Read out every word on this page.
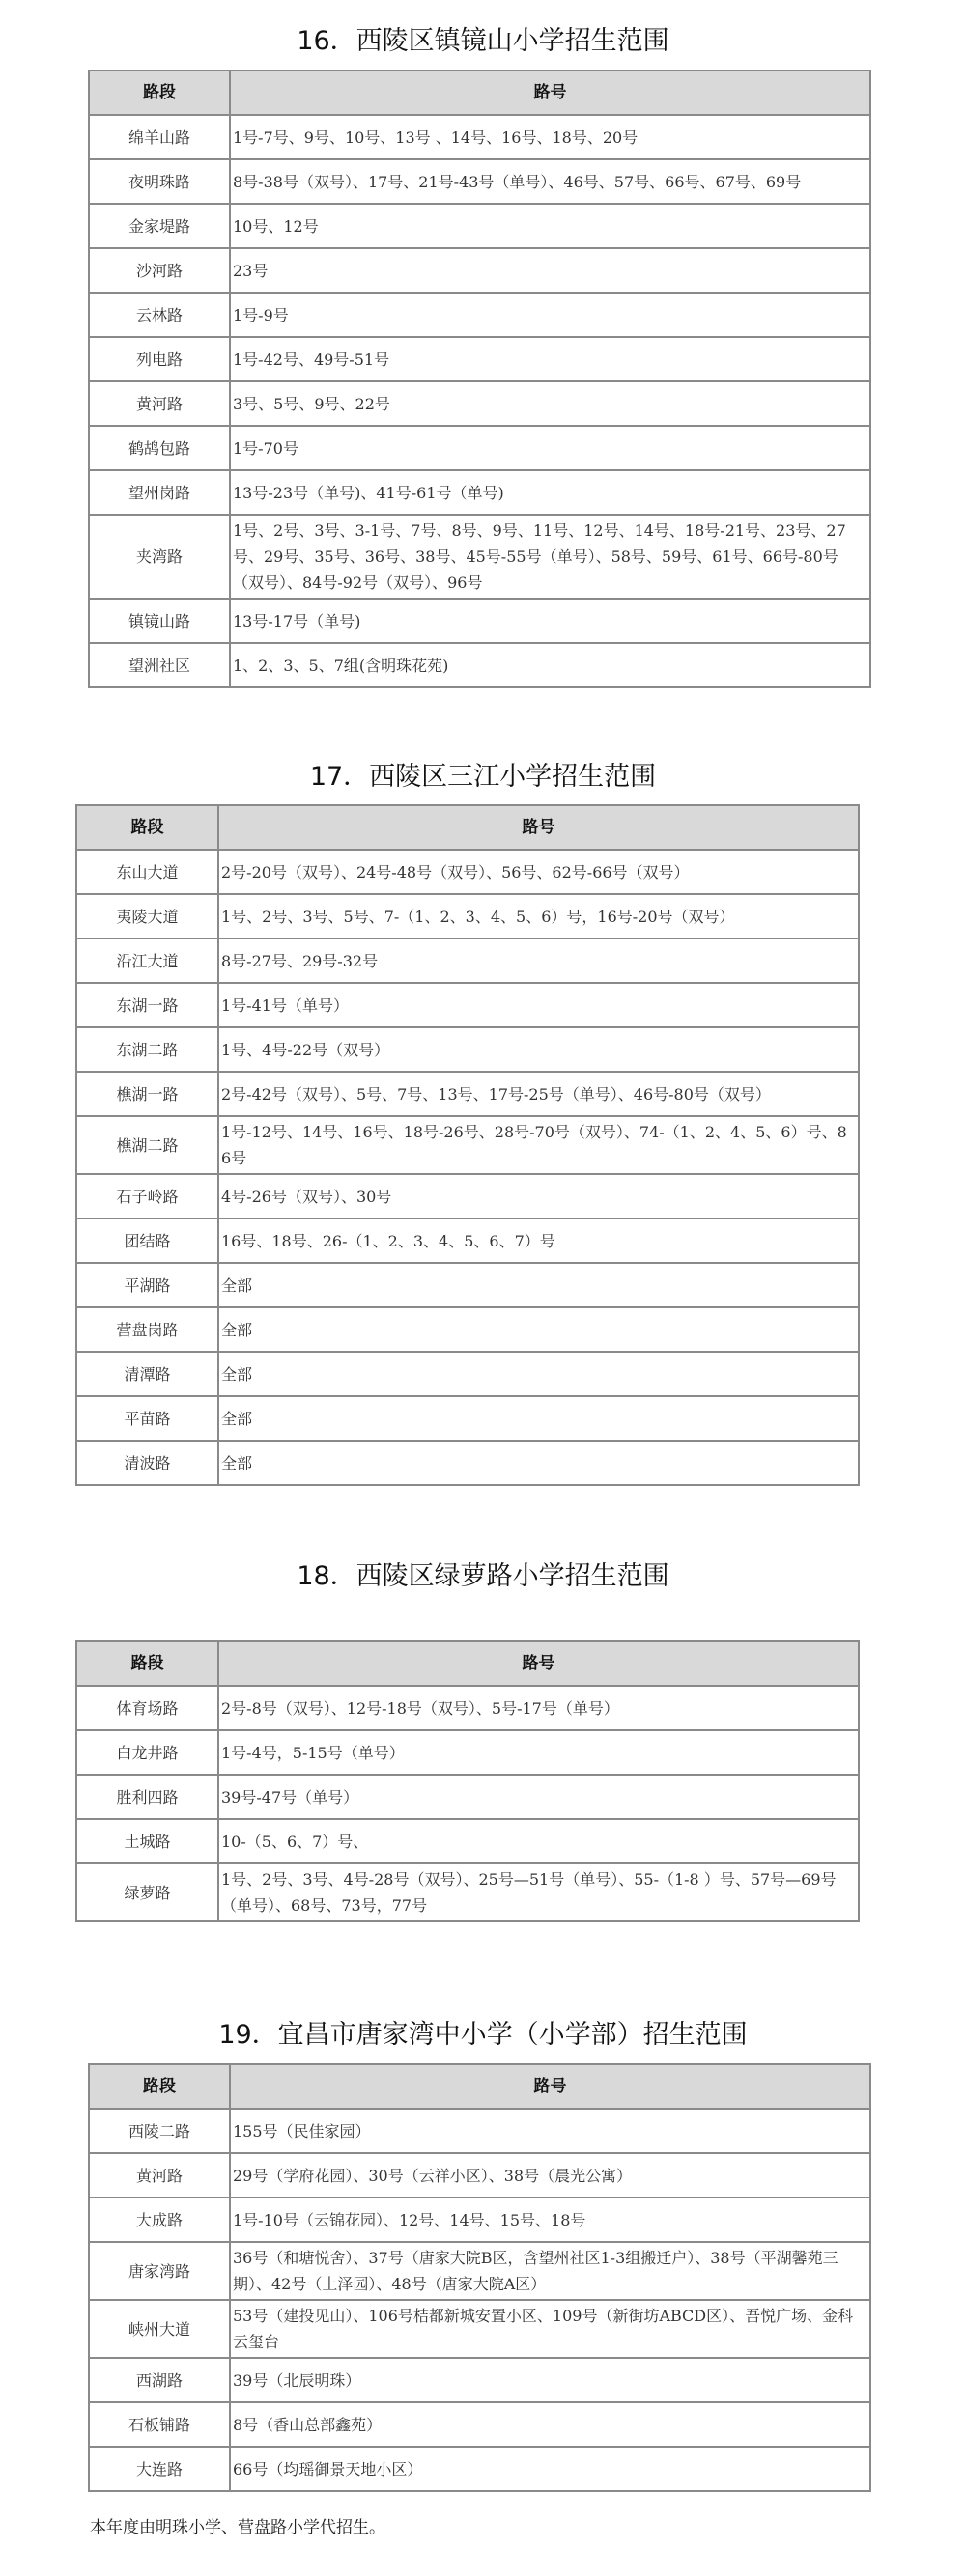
16．西陵区镇镜山小学招生范围
路段	路号
绵羊山路	1号-7号、9号、10号、13号 、14号、16号、18号、20号
夜明珠路	8号-38号（双号）、17号、21号-43号（单号）、46号、57号、66号、67号、69号
金家堤路	10号、12号
沙河路	23号
云林路	1号-9号
列电路	1号-42号、49号-51号
黄河路	3号、5号、9号、22号
鹤鸪包路	1号-70号
望州岗路	13号-23号（单号)、41号-61号（单号)
夹湾路	1号、2号、3号、3-1号、7号、8号、9号、11号、12号、14号、18号-21号、23号、27号、29号、35号、36号、38号、45号-55号（单号）、58号、59号、61号、66号-80号（双号）、84号-92号（双号）、96号
镇镜山路	13号-17号（单号)
望洲社区	1、2、3、5、7组(含明珠花苑)
17．西陵区三江小学招生范围
路段	路号
东山大道	2号-20号（双号）、24号-48号（双号）、56号、62号-66号（双号）
夷陵大道	1号、2号、3号、5号、7-（1、2、3、4、5、6）号，16号-20号（双号）
沿江大道	8号-27号、29号-32号
东湖一路	1号-41号（单号）
东湖二路	1号、4号-22号（双号）
樵湖一路	2号-42号（双号）、5号、7号、13号、17号-25号（单号）、46号-80号（双号）
樵湖二路	1号-12号、14号、16号、18号-26号、28号-70号（双号）、74-（1、2、4、5、6）号、86号
石子岭路	4号-26号（双号）、30号
团结路	16号、18号、26-（1、2、3、4、5、6、7）号
平湖路	全部
营盘岗路	全部
清潭路	全部
平苗路	全部
清波路	全部
18．西陵区绿萝路小学招生范围
路段	路号
体育场路	2号-8号（双号）、12号-18号（双号）、5号-17号（单号）
白龙井路	1号-4号，5-15号（单号）
胜利四路	39号-47号（单号）
土城路	10-（5、6、7）号、
绿萝路	1号、2号、3号、4号-28号（双号）、25号—51号（单号）、55-（1-8 ）号、57号—69号（单号）、68号、73号，77号
19．宜昌市唐家湾中小学（小学部）招生范围
路段	路号
西陵二路	155号（民佳家园）
黄河路	29号（学府花园）、30号（云祥小区）、38号（晨光公寓）
大成路	1号-10号（云锦花园）、12号、14号、15号、18号
唐家湾路	36号（和塘悦舍）、37号（唐家大院B区，含望州社区1-3组搬迁户）、38号（平湖馨苑三期）、42号（上泽园）、48号（唐家大院A区）
峡州大道	53号（建投见山）、106号桔都新城安置小区、109号（新街坊ABCD区）、吾悦广场、金科云玺台
西湖路	39号（北辰明珠）
石板铺路	8号（香山总部鑫苑）
大连路	66号（均瑶御景天地小区）
本年度由明珠小学、营盘路小学代招生。
